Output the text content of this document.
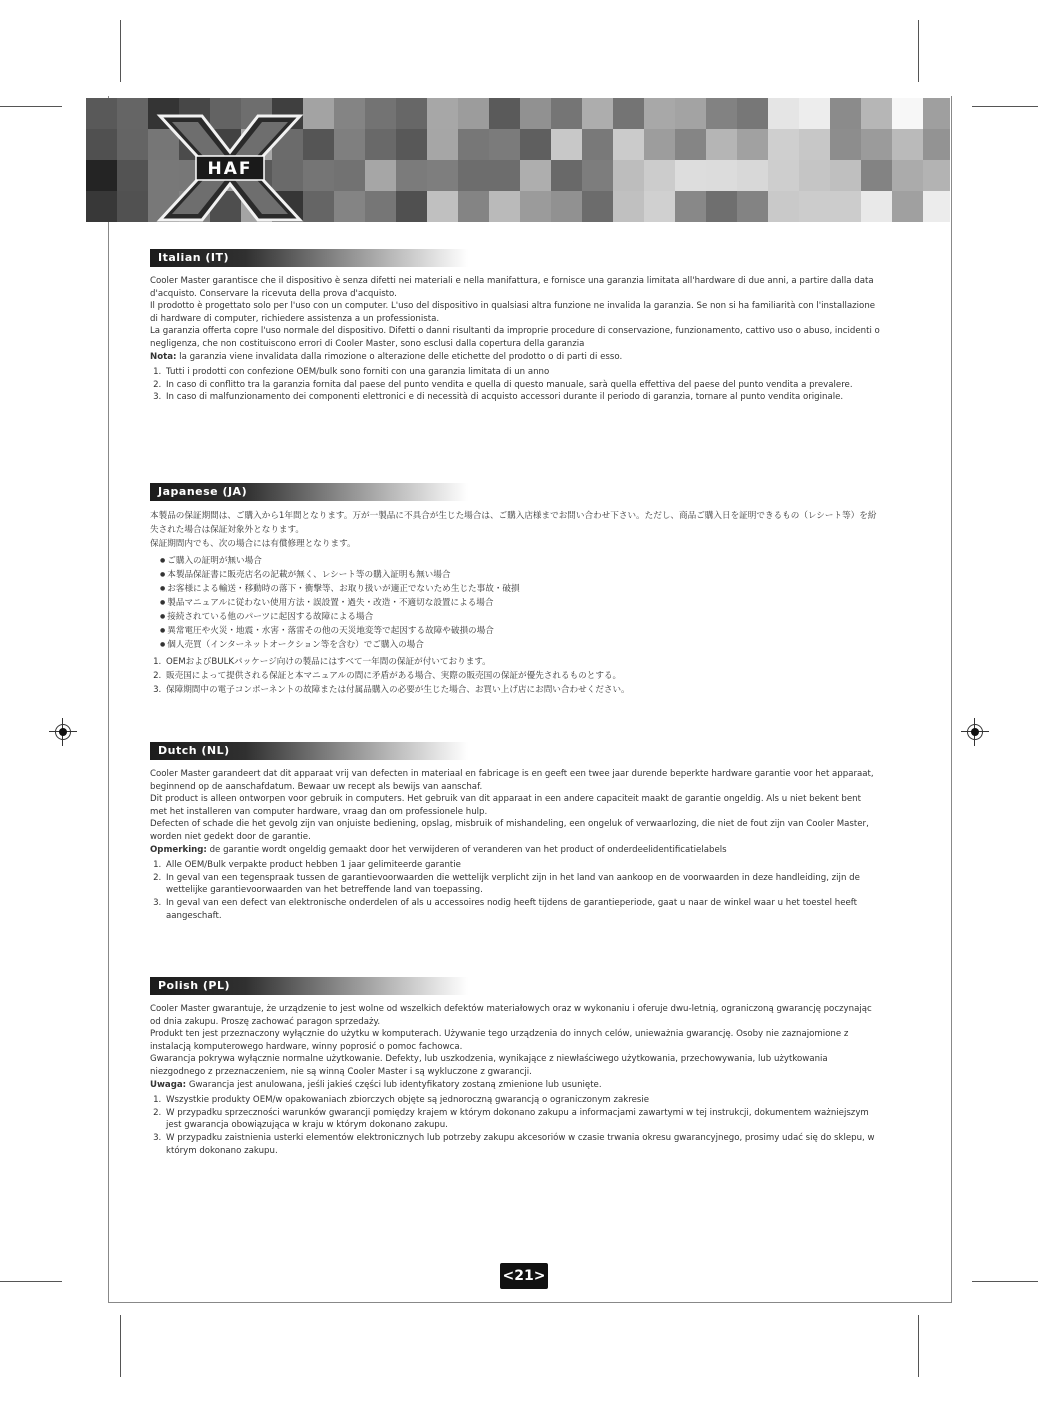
HAF
Italian (IT)

Cooler Master garantisce che il dispositivo è senza difetti nei materiali e nella manifattura, e fornisce una garanzia limitata all'hardware di due anni, a partire dalla data d'acquisto. Conservare la ricevuta della prova d'acquisto.

Il prodotto è progettato solo per l'uso con un computer. L'uso del dispositivo in qualsiasi altra funzione ne invalida la garanzia. Se non si ha familiarità con l'installazione di hardware di computer, richiedere assistenza a un professionista.

La garanzia offerta copre l'uso normale del dispositivo. Difetti o danni risultanti da improprie procedure di conservazione, funzionamento, cattivo uso o abuso, incidenti o negligenza, che non costituiscono errori di Cooler Master, sono esclusi dalla copertura della garanzia

Nota: la garanzia viene invalidata dalla rimozione o alterazione delle etichette del prodotto o di parti di esso.

1. Tutti i prodotti con confezione OEM/bulk sono forniti con una garanzia limitata di un anno
2. In caso di conflitto tra la garanzia fornita dal paese del punto vendita e quella di questo manuale, sarà quella effettiva del paese del punto vendita a prevalere.
3. In caso di malfunzionamento dei componenti elettronici e di necessità di acquisto accessori durante il periodo di garanzia, tornare al punto vendita originale.
Japanese (JA)

本製品の保証期間は、ご購入から1年間となります。万が一製品に不具合が生じた場合は、ご購入店様までお問い合わせ下さい。ただし、商品ご購入日を証明できるもの（レシート等）を紛失された場合は保証対象外となります。

保証期間内でも、次の場合には有償修理となります。

● ご購入の証明が無い場合
● 本製品保証書に販売店名の記載が無く、レシート等の購入証明も無い場合
● お客様による輸送・移動時の落下・衝撃等、お取り扱いが適正でないため生じた事故・破損
● 製品マニュアルに従わない使用方法・誤設置・過失・改造・不適切な設置による場合
● 接続されている他のパーツに起因する故障による場合
● 異常電圧や火災・地震・水害・落雷その他の天災地変等で起因する故障や破損の場合
● 個人売買（インターネットオークション等を含む）でご購入の場合
1. OEMおよびBULKパッケージ向けの製品にはすべて一年間の保証が付いております。
2. 販売国によって提供される保証と本マニュアルの間に矛盾がある場合、実際の販売国の保証が優先されるものとする。
3. 保障期間中の電子コンポーネントの故障または付属品購入の必要が生じた場合、お買い上げ店にお問い合わせください。
Dutch (NL)

Cooler Master garandeert dat dit apparaat vrij van defecten in materiaal en fabricage is en geeft een twee jaar durende beperkte hardware garantie voor het apparaat, beginnend op de aanschafdatum. Bewaar uw recept als bewijs van aanschaf.

Dit product is alleen ontworpen voor gebruik in computers. Het gebruik van dit apparaat in een andere capaciteit maakt de garantie ongeldig. Als u niet bekent bent met het installeren van computer hardware, vraag dan om professionele hulp.

Defecten of schade die het gevolg zijn van onjuiste bediening, opslag, misbruik of mishandeling, een ongeluk of verwaarlozing, die niet de fout zijn van Cooler Master, worden niet gedekt door de garantie.

Opmerking: de garantie wordt ongeldig gemaakt door het verwijderen of veranderen van het product of onderdeelidentificatielabels

1. Alle OEM/Bulk verpakte product hebben 1 jaar gelimiteerde garantie
2. In geval van een tegenspraak tussen de garantievoorwaarden die wettelijk verplicht zijn in het land van aankoop en de voorwaarden in deze handleiding, zijn de wettelijke garantievoorwaarden van het betreffende land van toepassing.
3. In geval van een defect van elektronische onderdelen of als u accessoires nodig heeft tijdens de garantieperiode, gaat u naar de winkel waar u het toestel heeft aangeschaft.
Polish (PL)

Cooler Master gwarantuje, że urządzenie to jest wolne od wszelkich defektów materiałowych oraz w wykonaniu i oferuje dwu-letnią, ograniczoną gwarancję poczynając od dnia zakupu. Proszę zachować paragon sprzedaży.

Produkt ten jest przeznaczony wyłącznie do użytku w komputerach. Używanie tego urządzenia do innych celów, unieważnia gwarancję. Osoby nie zaznajomione z instalacją komputerowego hardware, winny poprosić o pomoc fachowca.

Gwarancja pokrywa wyłącznie normalne użytkowanie. Defekty, lub uszkodzenia, wynikające z niewłaściwego użytkowania, przechowywania, lub użytkowania niezgodnego z przeznaczeniem, nie są winną Cooler Master i są wykluczone z gwarancji.

Uwaga: Gwarancja jest anulowana, jeśli jakieś części lub identyfikatory zostaną zmienione lub usunięte.

1. Wszystkie produkty OEM/w opakowaniach zbiorczych objęte są jednoroczną gwarancją o ograniczonym zakresie
2. W przypadku sprzeczności warunków gwarancji pomiędzy krajem w którym dokonano zakupu a informacjami zawartymi w tej instrukcji, dokumentem ważniejszym jest gwarancja obowiązująca w kraju w którym dokonano zakupu.
3. W przypadku zaistnienia usterki elementów elektronicznych lub potrzeby zakupu akcesoriów w czasie trwania okresu gwarancyjnego, prosimy udać się do sklepu, w którym dokonano zakupu.
<21>
